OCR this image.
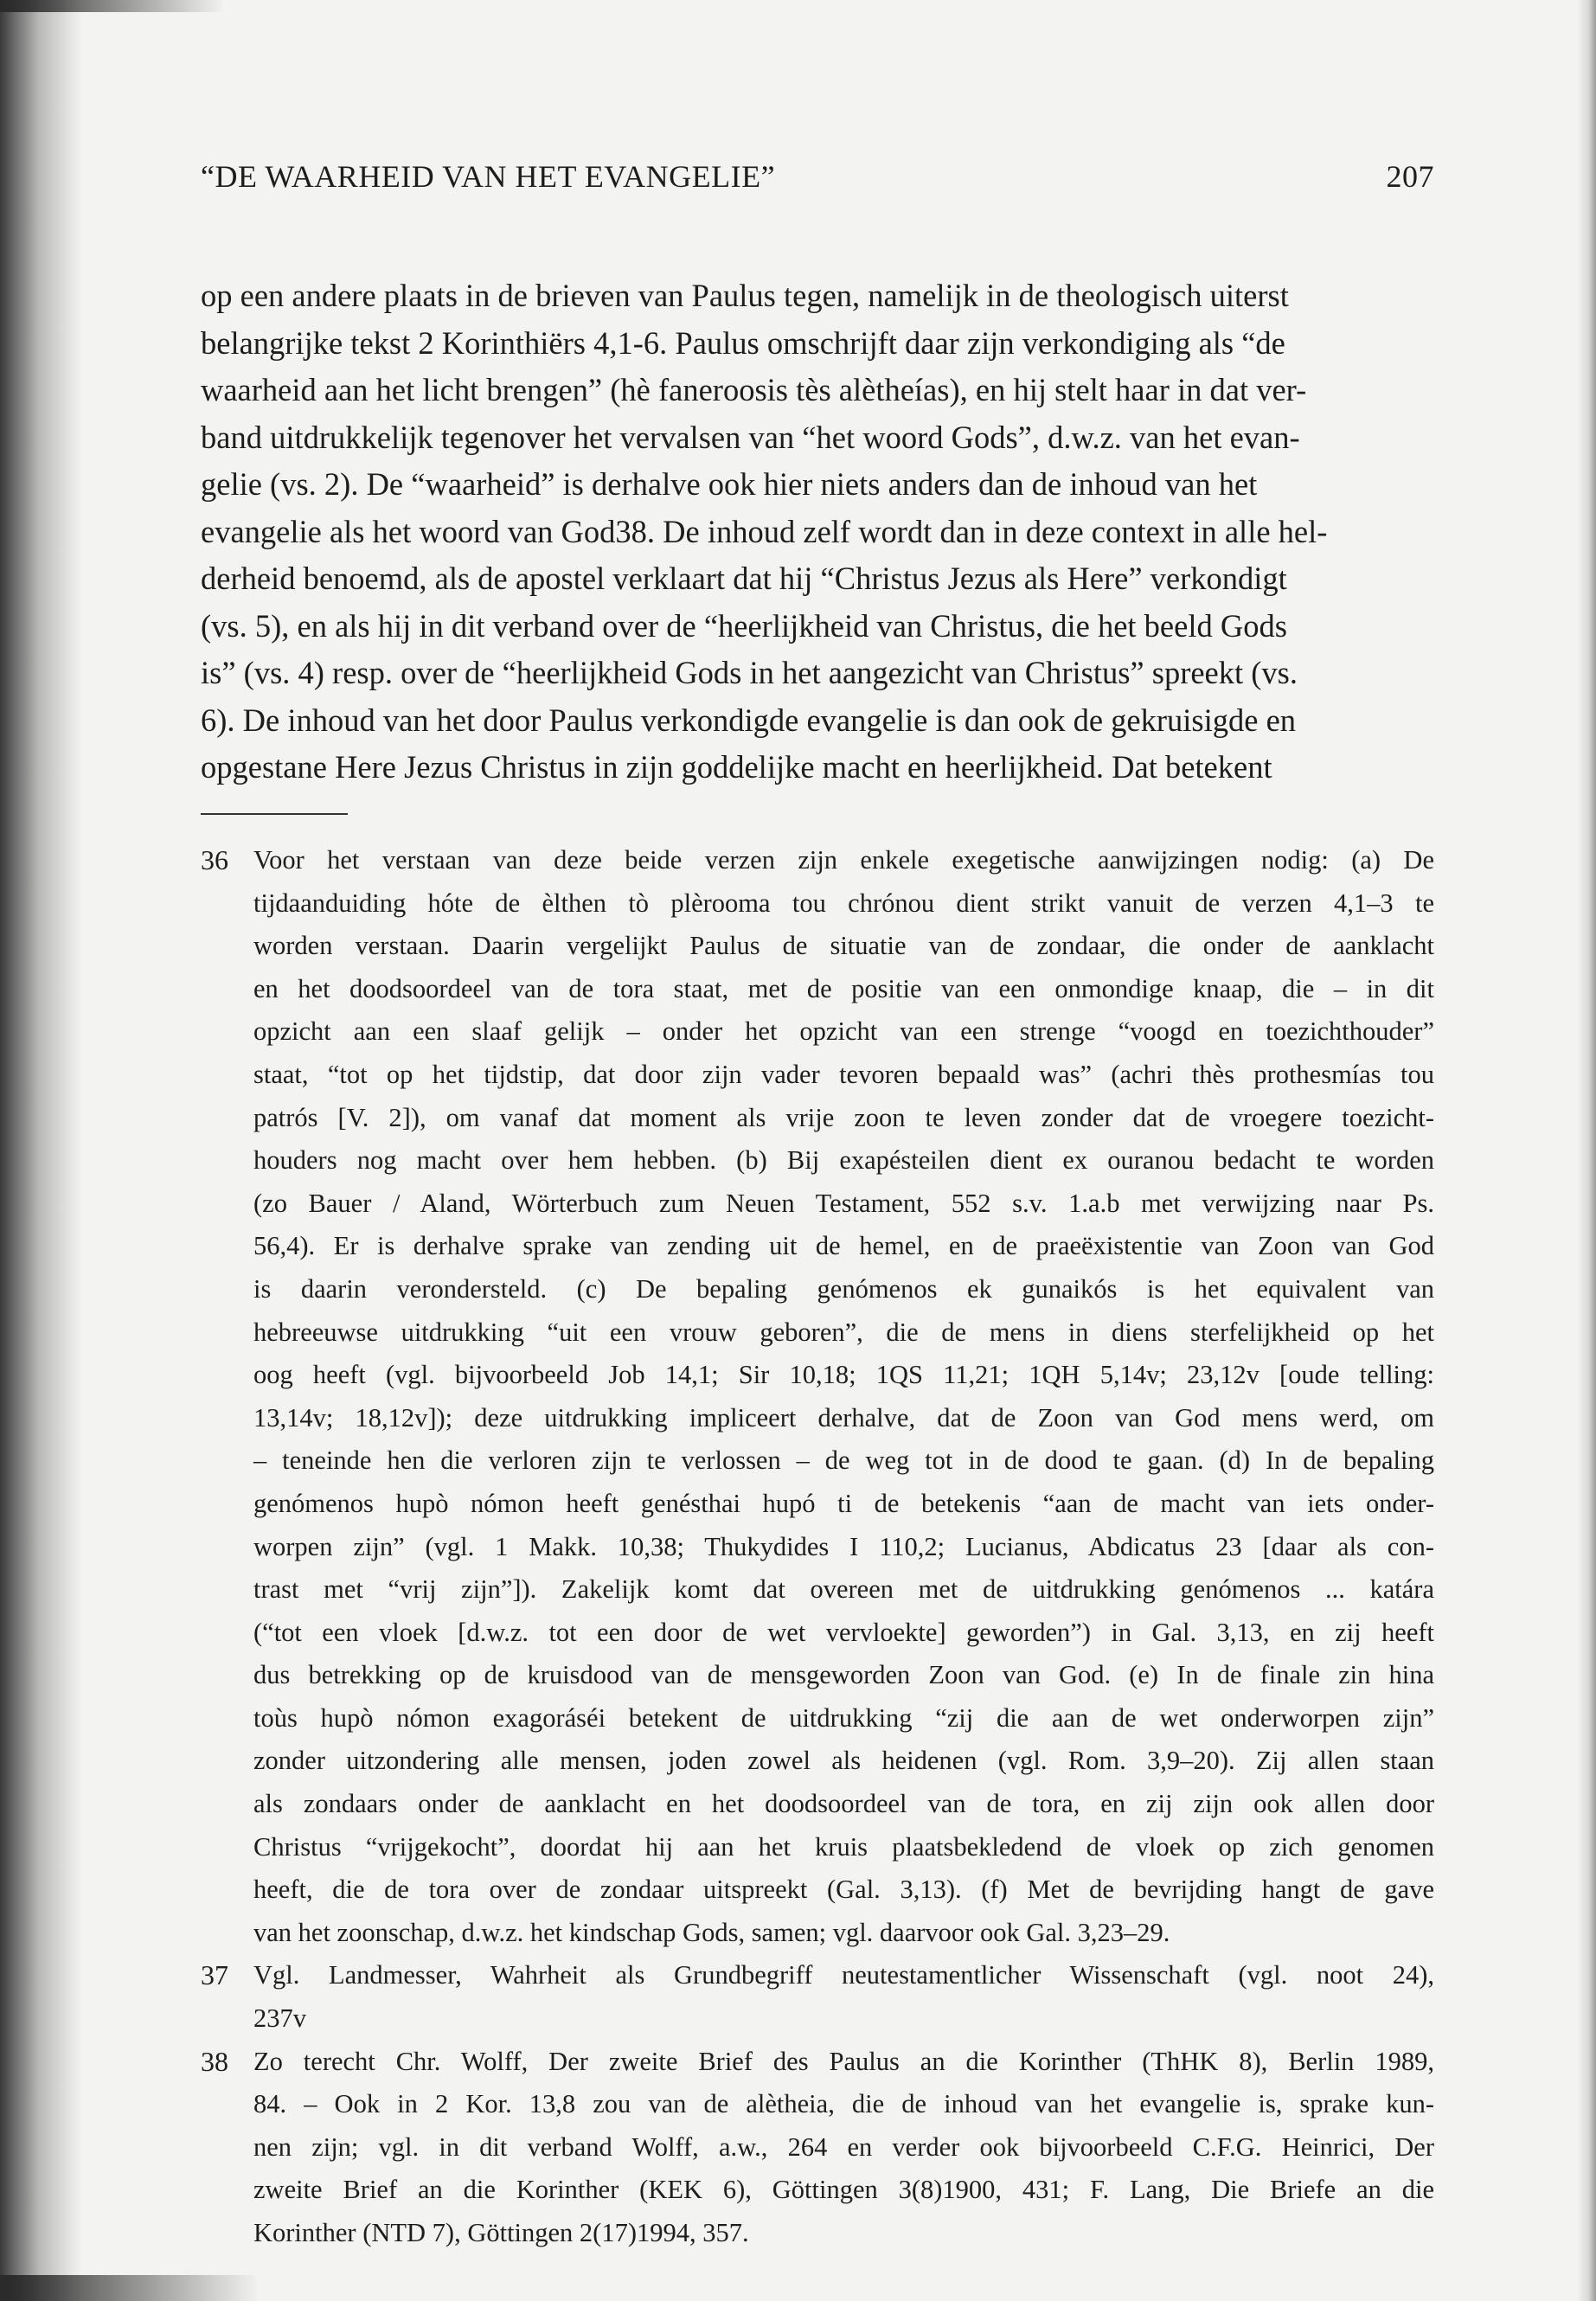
“DE WAARHEID VAN HET EVANGELIE”	207
op een andere plaats in de brieven van Paulus tegen, namelijk in de theologisch uiterst
belangrijke tekst 2 Korinthiërs 4,1-6. Paulus omschrijft daar zijn verkondiging als “de
waarheid aan het licht brengen” (hè faneroosis tès alètheías), en hij stelt haar in dat ver-
band uitdrukkelijk tegenover het vervalsen van “het woord Gods”, d.w.z. van het evan-
gelie (vs. 2). De “waarheid” is derhalve ook hier niets anders dan de inhoud van het
evangelie als het woord van God38. De inhoud zelf wordt dan in deze context in alle hel-
derheid benoemd, als de apostel verklaart dat hij “Christus Jezus als Here” verkondigt
(vs. 5), en als hij in dit verband over de “heerlijkheid van Christus, die het beeld Gods
is” (vs. 4) resp. over de “heerlijkheid Gods in het aangezicht van Christus” spreekt (vs.
6). De inhoud van het door Paulus verkondigde evangelie is dan ook de gekruisigde en
opgestane Here Jezus Christus in zijn goddelijke macht en heerlijkheid. Dat betekent
36 Voor het verstaan van deze beide verzen zijn enkele exegetische aanwijzingen nodig: (a) De
tijdaanduiding hóte de èlthen tò plèrooma tou chrónou dient strikt vanuit de verzen 4,1–3 te
worden verstaan. Daarin vergelijkt Paulus de situatie van de zondaar, die onder de aanklacht
en het doodsoordeel van de tora staat, met de positie van een onmondige knaap, die – in dit
opzicht aan een slaaf gelijk – onder het opzicht van een strenge “voogd en toezichthouder”
staat, “tot op het tijdstip, dat door zijn vader tevoren bepaald was” (achri thès prothesmías tou
patrós [V. 2]), om vanaf dat moment als vrije zoon te leven zonder dat de vroegere toezicht-
houders nog macht over hem hebben. (b) Bij exapésteilen dient ex ouranou bedacht te worden
(zo Bauer / Aland, Wörterbuch zum Neuen Testament, 552 s.v. 1.a.b met verwijzing naar Ps.
56,4). Er is derhalve sprake van zending uit de hemel, en de praeëxistentie van Zoon van God
is daarin verondersteld. (c) De bepaling genómenos ek gunaikós is het equivalent van
hebreeuwse uitdrukking “uit een vrouw geboren”, die de mens in diens sterfelijkheid op het
oog heeft (vgl. bijvoorbeeld Job 14,1; Sir 10,18; 1QS 11,21; 1QH 5,14v; 23,12v [oude telling:
13,14v; 18,12v]); deze uitdrukking impliceert derhalve, dat de Zoon van God mens werd, om
– teneinde hen die verloren zijn te verlossen – de weg tot in de dood te gaan. (d) In de bepaling
genómenos hupò nómon heeft genésthai hupó ti de betekenis “aan de macht van iets onder-
worpen zijn” (vgl. 1 Makk. 10,38; Thukydides I 110,2; Lucianus, Abdicatus 23 [daar als con-
trast met “vrij zijn”]). Zakelijk komt dat overeen met de uitdrukking genómenos ... katára
(“tot een vloek [d.w.z. tot een door de wet vervloekte] geworden”) in Gal. 3,13, en zij heeft
dus betrekking op de kruisdood van de mensgeworden Zoon van God. (e) In de finale zin hina
toùs hupò nómon exagoráséi betekent de uitdrukking “zij die aan de wet onderworpen zijn”
zonder uitzondering alle mensen, joden zowel als heidenen (vgl. Rom. 3,9–20). Zij allen staan
als zondaars onder de aanklacht en het doodsoordeel van de tora, en zij zijn ook allen door
Christus “vrijgekocht”, doordat hij aan het kruis plaatsbekledend de vloek op zich genomen
heeft, die de tora over de zondaar uitspreekt (Gal. 3,13). (f) Met de bevrijding hangt de gave
van het zoonschap, d.w.z. het kindschap Gods, samen; vgl. daarvoor ook Gal. 3,23–29.
37 Vgl. Landmesser, Wahrheit als Grundbegriff neutestamentlicher Wissenschaft (vgl. noot 24),
237v
38 Zo terecht Chr. Wolff, Der zweite Brief des Paulus an die Korinther (ThHK 8), Berlin 1989,
84. – Ook in 2 Kor. 13,8 zou van de alètheia, die de inhoud van het evangelie is, sprake kun-
nen zijn; vgl. in dit verband Wolff, a.w., 264 en verder ook bijvoorbeeld C.F.G. Heinrici, Der
zweite Brief an die Korinther (KEK 6), Göttingen 3(8)1900, 431; F. Lang, Die Briefe an die
Korinther (NTD 7), Göttingen 2(17)1994, 357.
